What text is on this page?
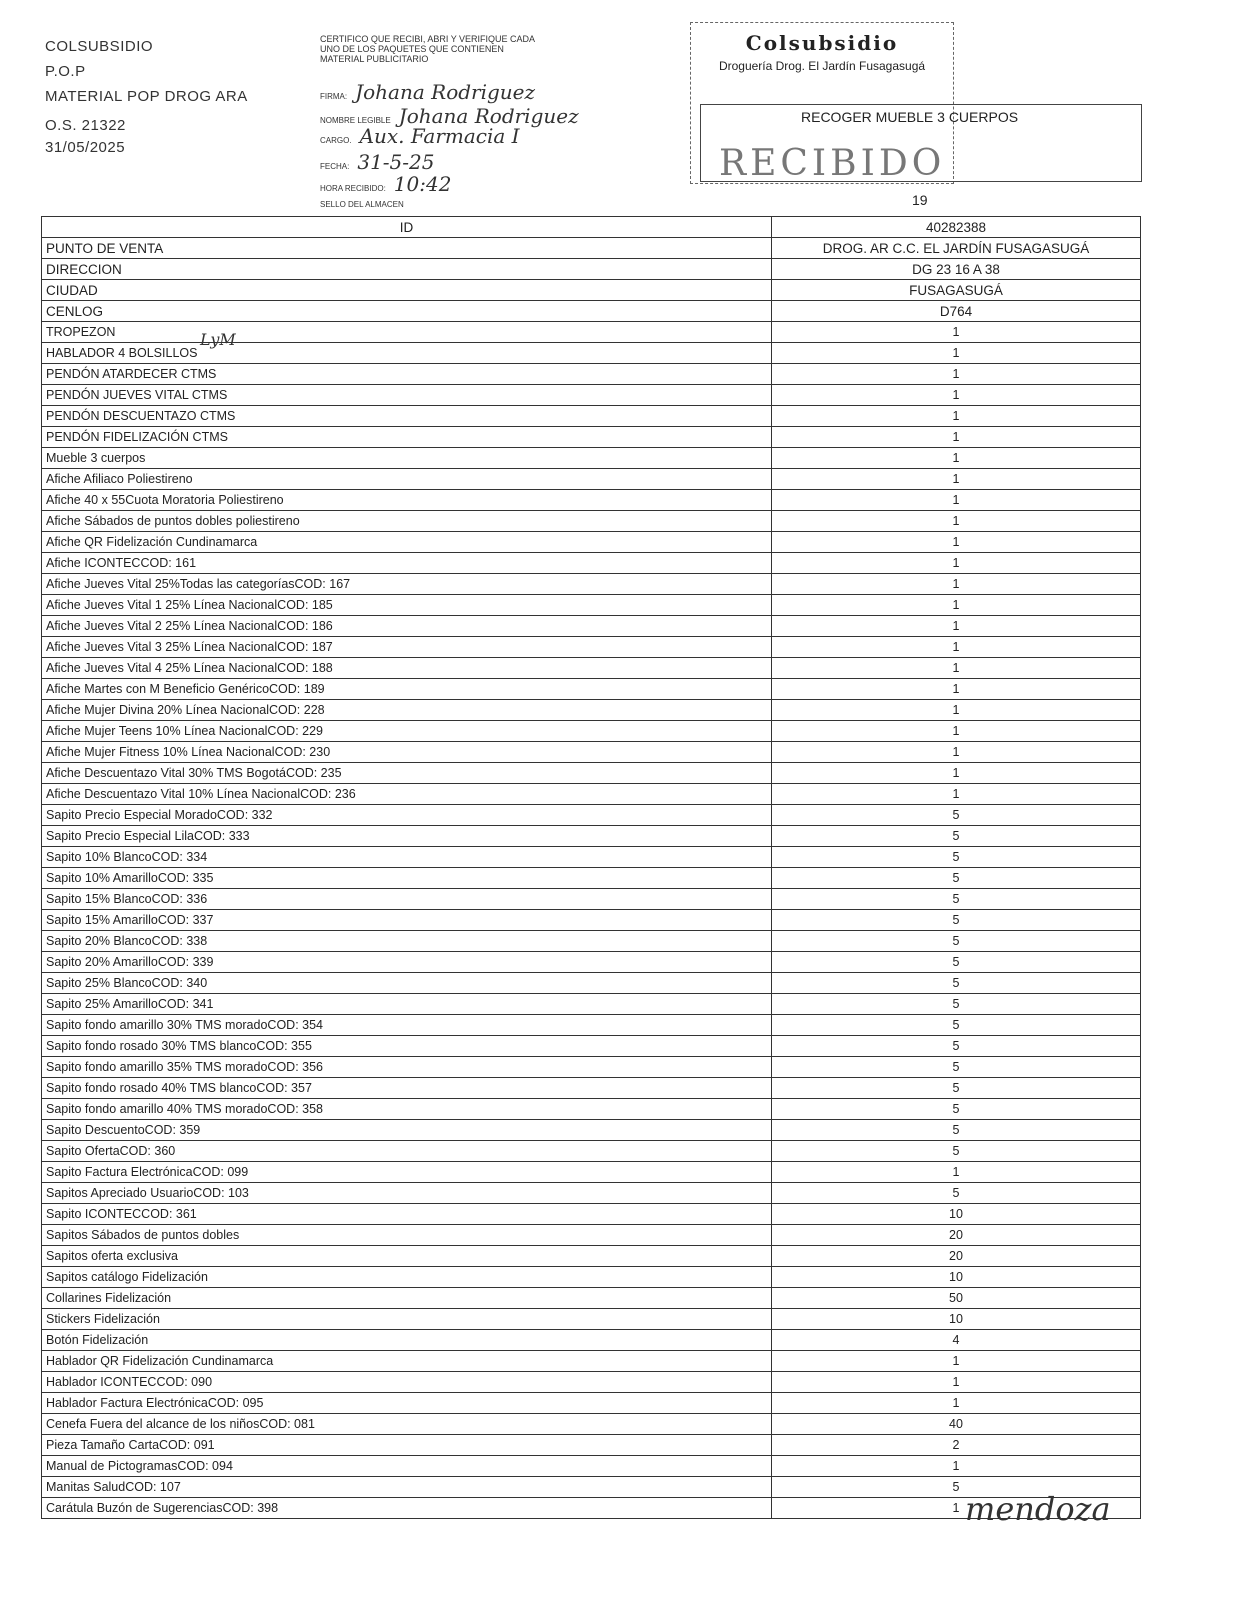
COLSUBSIDIO
P.O.P
MATERIAL POP DROG ARA
O.S. 21322
31/05/2025
CERTIFICO QUE RECIBI, ABRI Y VERIFIQUE CADA UNO DE LOS PAQUETES QUE CONTIENEN MATERIAL PUBLICITARIO
FIRMA: Johana Rodriguez
NOMBRE LEGIBLE Johana Rodriguez
CARGO. Aux. Farmacia I
FECHA: 31-5-25
HORA RECIBIDO: 10:42
SELLO DEL ALMACEN
Colsubsidio
Droguería Drog. El Jardín Fusagasugá
RECOGER MUEBLE 3 CUERPOS
RECIBIDO
19
ID	40282388
PUNTO DE VENTA	DROG. AR C.C. EL JARDÍN FUSAGASUGÁ
DIRECCION	DG 23 16 A 38
CIUDAD	FUSAGASUGÁ
CENLOG	D764
TROPEZON	1
HABLADOR 4 BOLSILLOS	1
PENDÓN ATARDECER CTMS	1
PENDÓN JUEVES VITAL CTMS	1
PENDÓN DESCUENTAZO CTMS	1
PENDÓN FIDELIZACIÓN CTMS	1
Mueble 3 cuerpos	1
Afiche Afiliaco Poliestireno	1
Afiche 40 x 55Cuota Moratoria Poliestireno	1
Afiche Sábados de puntos dobles poliestireno	1
Afiche QR Fidelización Cundinamarca	1
Afiche ICONTECCOD: 161	1
Afiche Jueves Vital 25%Todas las categoríasCOD: 167	1
Afiche Jueves Vital 1 25% Línea NacionalCOD: 185	1
Afiche Jueves Vital 2 25% Línea NacionalCOD: 186	1
Afiche Jueves Vital 3 25% Línea NacionalCOD: 187	1
Afiche Jueves Vital 4 25% Línea NacionalCOD: 188	1
Afiche Martes con M Beneficio GenéricoCOD: 189	1
Afiche Mujer Divina 20% Línea NacionalCOD: 228	1
Afiche Mujer Teens 10% Línea NacionalCOD: 229	1
Afiche Mujer Fitness 10% Línea NacionalCOD: 230	1
Afiche Descuentazo Vital 30% TMS BogotáCOD: 235	1
Afiche Descuentazo Vital 10% Línea NacionalCOD: 236	1
Sapito Precio Especial MoradoCOD: 332	5
Sapito Precio Especial LilaCOD: 333	5
Sapito 10% BlancoCOD: 334	5
Sapito 10% AmarilloCOD: 335	5
Sapito 15% BlancoCOD: 336	5
Sapito 15% AmarilloCOD: 337	5
Sapito 20% BlancoCOD: 338	5
Sapito 20% AmarilloCOD: 339	5
Sapito 25% BlancoCOD: 340	5
Sapito 25% AmarilloCOD: 341	5
Sapito fondo amarillo 30% TMS moradoCOD: 354	5
Sapito fondo rosado 30% TMS blancoCOD: 355	5
Sapito fondo amarillo 35% TMS moradoCOD: 356	5
Sapito fondo rosado 40% TMS blancoCOD: 357	5
Sapito fondo amarillo 40% TMS moradoCOD: 358	5
Sapito DescuentoCOD: 359	5
Sapito OfertaCOD: 360	5
Sapito Factura ElectrónicaCOD: 099	1
Sapitos Apreciado UsuarioCOD: 103	5
Sapito ICONTECCOD: 361	10
Sapitos Sábados de puntos dobles	20
Sapitos oferta exclusiva	20
Sapitos catálogo Fidelización	10
Collarines Fidelización	50
Stickers Fidelización	10
Botón Fidelización	4
Hablador QR Fidelización Cundinamarca	1
Hablador ICONTECCOD: 090	1
Hablador Factura ElectrónicaCOD: 095	1
Cenefa Fuera del alcance de los niñosCOD: 081	40
Pieza Tamaño CartaCOD: 091	2
Manual de PictogramasCOD: 094	1
Manitas SaludCOD: 107	5
Carátula Buzón de SugerenciasCOD: 398	1
LyM
mendoza
